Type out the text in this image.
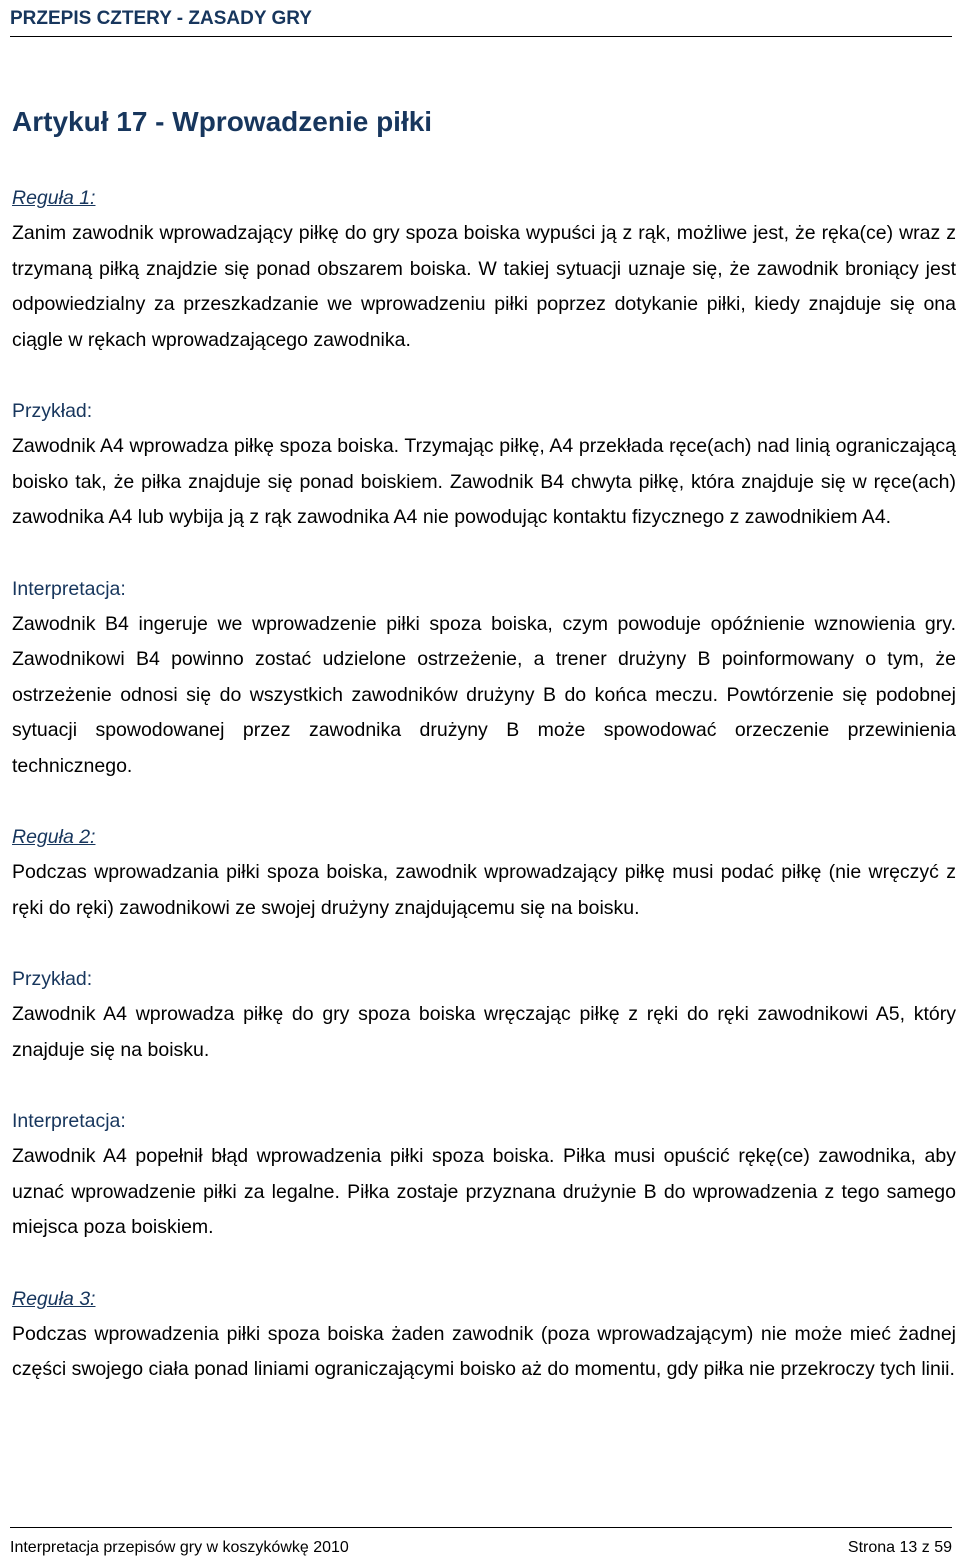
PRZEPIS CZTERY - ZASADY GRY
Artykuł 17 - Wprowadzenie piłki

Reguła 1:

Zanim zawodnik wprowadzający piłkę do gry spoza boiska wypuści ją z rąk, możliwe jest, że ręka(ce) wraz z trzymaną piłką znajdzie się ponad obszarem boiska. W takiej sytuacji uznaje się, że zawodnik broniący jest odpowiedzialny za przeszkadzanie we wprowadzeniu piłki poprzez dotykanie piłki, kiedy znajduje się ona ciągle w rękach wprowadzającego zawodnika.

Przykład:

Zawodnik A4 wprowadza piłkę spoza boiska. Trzymając piłkę, A4 przekłada ręce(ach) nad linią ograniczającą boisko tak, że piłka znajduje się ponad boiskiem. Zawodnik B4 chwyta piłkę, która znajduje się w ręce(ach) zawodnika A4 lub wybija ją z rąk zawodnika A4 nie powodując kontaktu fizycznego z zawodnikiem A4.

Interpretacja:

Zawodnik B4 ingeruje we wprowadzenie piłki spoza boiska, czym powoduje opóźnienie wznowienia gry. Zawodnikowi B4 powinno zostać udzielone ostrzeżenie, a trener drużyny B poinformowany o tym, że ostrzeżenie odnosi się do wszystkich zawodników drużyny B do końca meczu. Powtórzenie się podobnej sytuacji spowodowanej przez zawodnika drużyny B może spowodować orzeczenie przewinienia technicznego.

Reguła 2:

Podczas wprowadzania piłki spoza boiska, zawodnik wprowadzający piłkę musi podać piłkę (nie wręczyć z ręki do ręki) zawodnikowi ze swojej drużyny znajdującemu się na boisku.

Przykład:

Zawodnik A4 wprowadza piłkę do gry spoza boiska wręczając piłkę z ręki do ręki zawodnikowi A5, który znajduje się na boisku.

Interpretacja:

Zawodnik A4 popełnił błąd wprowadzenia piłki spoza boiska. Piłka musi opuścić rękę(ce) zawodnika, aby uznać wprowadzenie piłki za legalne. Piłka zostaje przyznana drużynie B do wprowadzenia z tego samego miejsca poza boiskiem.

Reguła 3:

Podczas wprowadzenia piłki spoza boiska żaden zawodnik (poza wprowadzającym) nie może mieć żadnej części swojego ciała ponad liniami ograniczającymi boisko aż do momentu, gdy piłka nie przekroczy tych linii.

Interpretacja przepisów gry w koszykówkę 2010	Strona 13 z 59
